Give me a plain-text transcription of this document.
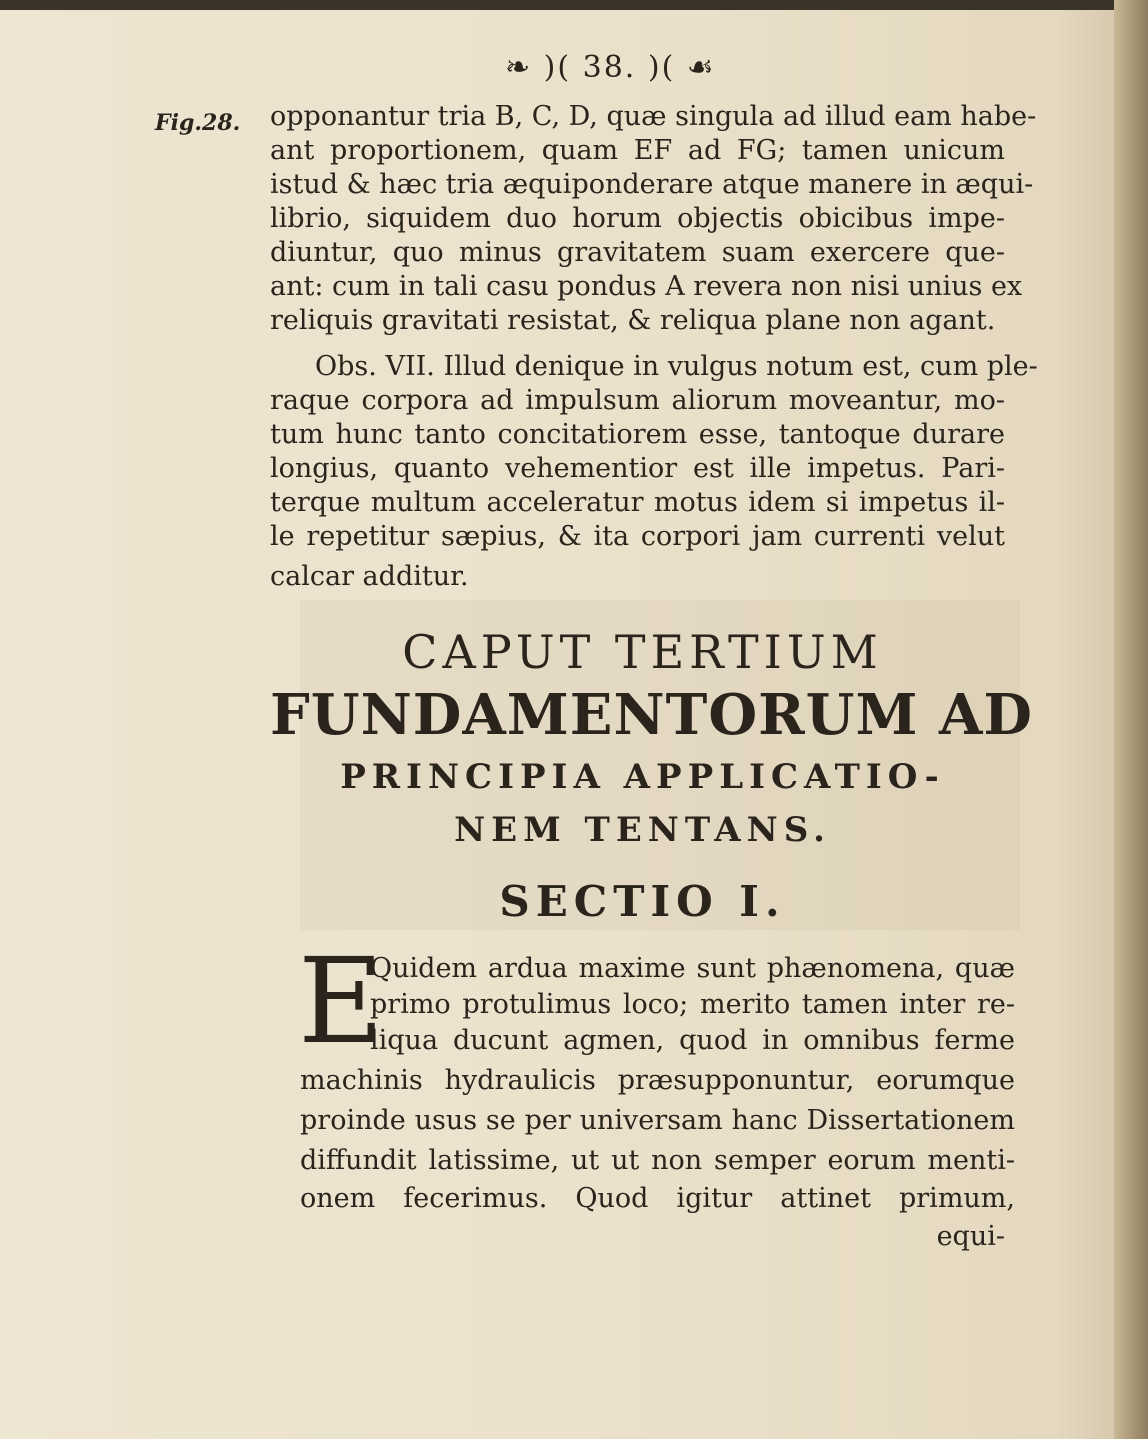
❧ )( 38. )( ☙
Fig.28. opponantur tria B, C, D, quæ singula ad illud eam habe-
ant proportionem, quam EF ad FG; tamen unicum
istud & hæc tria æquiponderare atque manere in æqui-
librio, siquidem duo horum objectis obicibus impe-
diuntur, quo minus gravitatem suam exercere que-
ant: cum in tali casu pondus A revera non nisi unius ex
reliquis gravitati resistat, & reliqua plane non agant.
Obs. VII. Illud denique in vulgus notum est, cum ple-
raque corpora ad impulsum aliorum moveantur, mo-
tum hunc tanto concitatiorem esse, tantoque durare
longius, quanto vehementior est ille impetus. Pari-
terque multum acceleratur motus idem si impetus il-
le repetitur sæpius, & ita corpori jam currenti velut
calcar additur.
CAPUT TERTIUM
FUNDAMENTORUM AD
PRINCIPIA APPLICATIO-
NEM TENTANS.
SECTIO I.
E
Quidem ardua maxime sunt phænomena, quæ
primo protulimus loco; merito tamen inter re-
liqua ducunt agmen, quod in omnibus ferme
machinis hydraulicis præsupponuntur, eorumque
proinde usus se per universam hanc Dissertationem
diffundit latissime, ut ut non semper eorum menti-
onem fecerimus. Quod igitur attinet primum,
equi-
